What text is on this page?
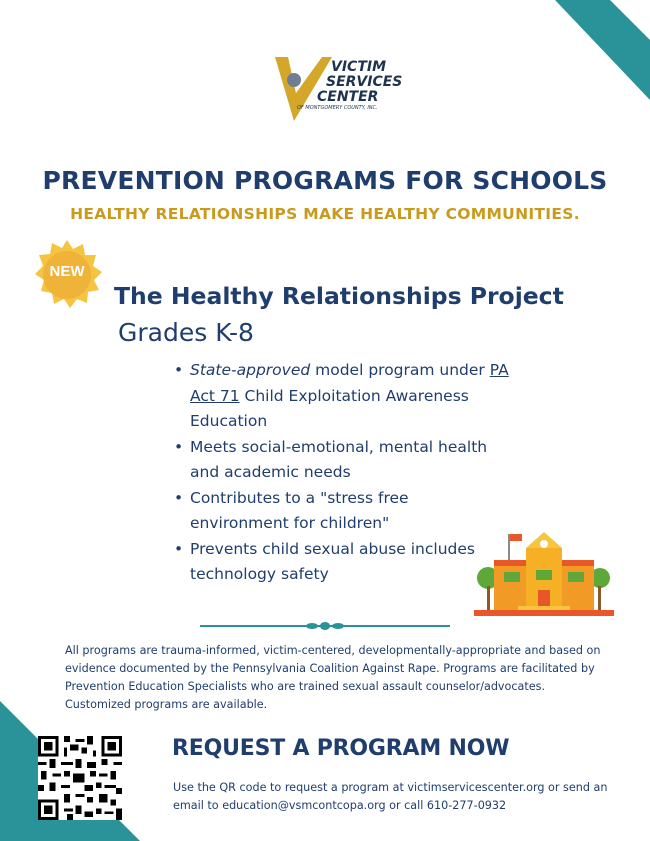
VICTIM
SERVICES
CENTER
OF MONTGOMERY COUNTY, INC.
PREVENTION PROGRAMS FOR SCHOOLS
HEALTHY RELATIONSHIPS MAKE HEALTHY COMMUNITIES.
NEW
The Healthy Relationships Project
Grades K-8
• State-approved model program under PA Act 71 Child Exploitation Awareness Education
• Meets social-emotional, mental health and academic needs
• Contributes to a "stress free environment for children"
• Prevents child sexual abuse includes technology safety
All programs are trauma-informed, victim-centered, developmentally-appropriate and based on evidence documented by the Pennsylvania Coalition Against Rape. Programs are facilitated by Prevention Education Specialists who are trained sexual assault counselor/advocates. Customized programs are available.
REQUEST A PROGRAM NOW
Use the QR code to request a program at victimservicescenter.org or send an email to education@vsmcontcopa.org or call 610-277-0932
